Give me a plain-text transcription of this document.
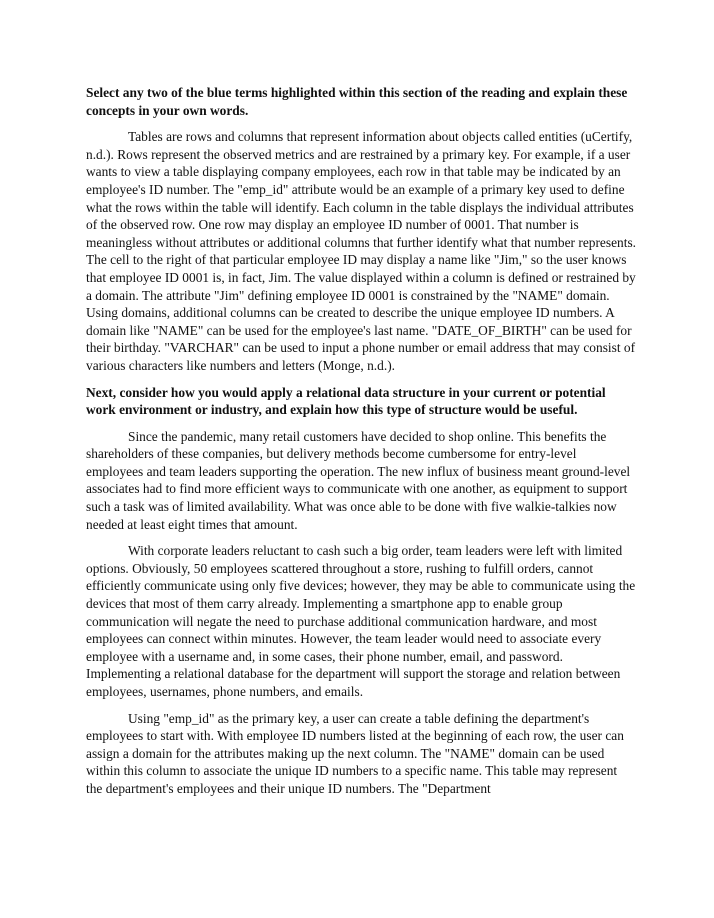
Select any two of the blue terms highlighted within this section of the reading and explain these concepts in your own words.

Tables are rows and columns that represent information about objects called entities (uCertify, n.d.). Rows represent the observed metrics and are restrained by a primary key. For example, if a user wants to view a table displaying company employees, each row in that table may be indicated by an employee's ID number. The "emp_id" attribute would be an example of a primary key used to define what the rows within the table will identify. Each column in the table displays the individual attributes of the observed row. One row may display an employee ID number of 0001. That number is meaningless without attributes or additional columns that further identify what that number represents. The cell to the right of that particular employee ID may display a name like "Jim," so the user knows that employee ID 0001 is, in fact, Jim. The value displayed within a column is defined or restrained by a domain. The attribute "Jim" defining employee ID 0001 is constrained by the "NAME" domain. Using domains, additional columns can be created to describe the unique employee ID numbers. A domain like "NAME" can be used for the employee's last name. "DATE_OF_BIRTH" can be used for their birthday. "VARCHAR" can be used to input a phone number or email address that may consist of various characters like numbers and letters (Monge, n.d.).

Next, consider how you would apply a relational data structure in your current or potential work environment or industry, and explain how this type of structure would be useful.

Since the pandemic, many retail customers have decided to shop online. This benefits the shareholders of these companies, but delivery methods become cumbersome for entry-level employees and team leaders supporting the operation. The new influx of business meant ground-level associates had to find more efficient ways to communicate with one another, as equipment to support such a task was of limited availability. What was once able to be done with five walkie-talkies now needed at least eight times that amount.

With corporate leaders reluctant to cash such a big order, team leaders were left with limited options. Obviously, 50 employees scattered throughout a store, rushing to fulfill orders, cannot efficiently communicate using only five devices; however, they may be able to communicate using the devices that most of them carry already. Implementing a smartphone app to enable group communication will negate the need to purchase additional communication hardware, and most employees can connect within minutes. However, the team leader would need to associate every employee with a username and, in some cases, their phone number, email, and password. Implementing a relational database for the department will support the storage and relation between employees, usernames, phone numbers, and emails.

Using "emp_id" as the primary key, a user can create a table defining the department's employees to start with. With employee ID numbers listed at the beginning of each row, the user can assign a domain for the attributes making up the next column. The "NAME" domain can be used within this column to associate the unique ID numbers to a specific name. This table may represent the department's employees and their unique ID numbers. The "Department
